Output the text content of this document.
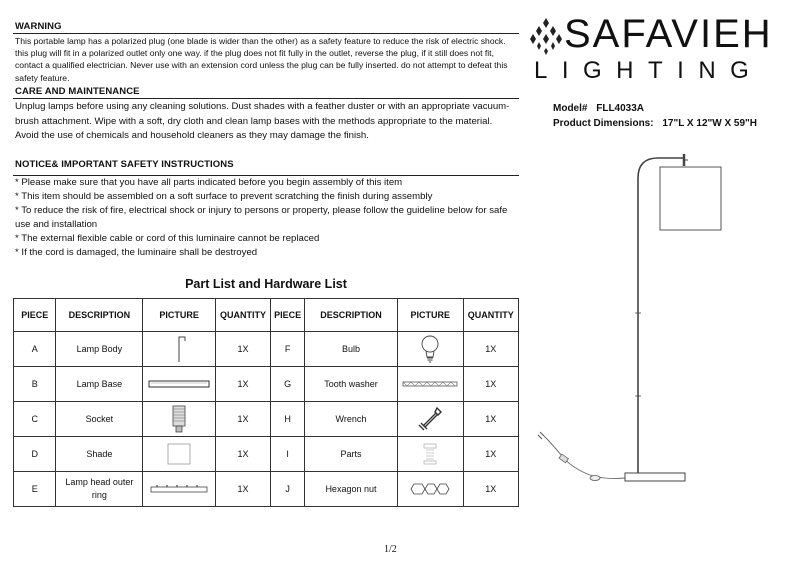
WARNING
This portable lamp has a polarized plug (one blade is wider than the other) as a safety feature to reduce the risk of electric shock.
this plug will fit in a polarized outlet only one way. if the plug does not fit fully in the outlet, reverse the plug, if it still does not fit,
contact a qualified electrician. Never use with an extension cord unless the plug can be fully inserted. do not attempt to defeat this
safety feature.
CARE AND MAINTENANCE
Unplug lamps before using any cleaning solutions. Dust shades with a feather duster or with an appropriate vacuum-
brush attachment. Wipe with a soft, dry cloth and clean lamp bases with the methods appropriate to the material.
Avoid the use of chemicals and household cleaners as they may damage the finish.
NOTICE& IMPORTANT SAFETY INSTRUCTIONS
* Please make sure that you have all parts indicated before you begin assembly of this item
* This item should be assembled on a soft surface to prevent scratching the finish during assembly
* To reduce the risk of fire, electrical shock or injury to persons or property, please follow the guideline below for safe
use and installation
* The external flexible cable or cord of this luminaire cannot be replaced
* If the cord is damaged, the luminaire shall be destroyed
Part List and Hardware List
PIECE	DESCRIPTION	PICTURE	QUANTITY	PIECE	DESCRIPTION	PICTURE	QUANTITY
A	Lamp Body		1X	F	Bulb		1X
B	Lamp Base		1X	G	Tooth washer		1X
C	Socket		1X	H	Wrench		1X
D	Shade		1X	I	Parts		1X
E	Lamp head outer ring		1X	J	Hexagon nut		1X
SAFAVIEH
LIGHTING
Model# FLL4033A
Product Dimensions: 17"L X 12"W X 59"H
1/2
